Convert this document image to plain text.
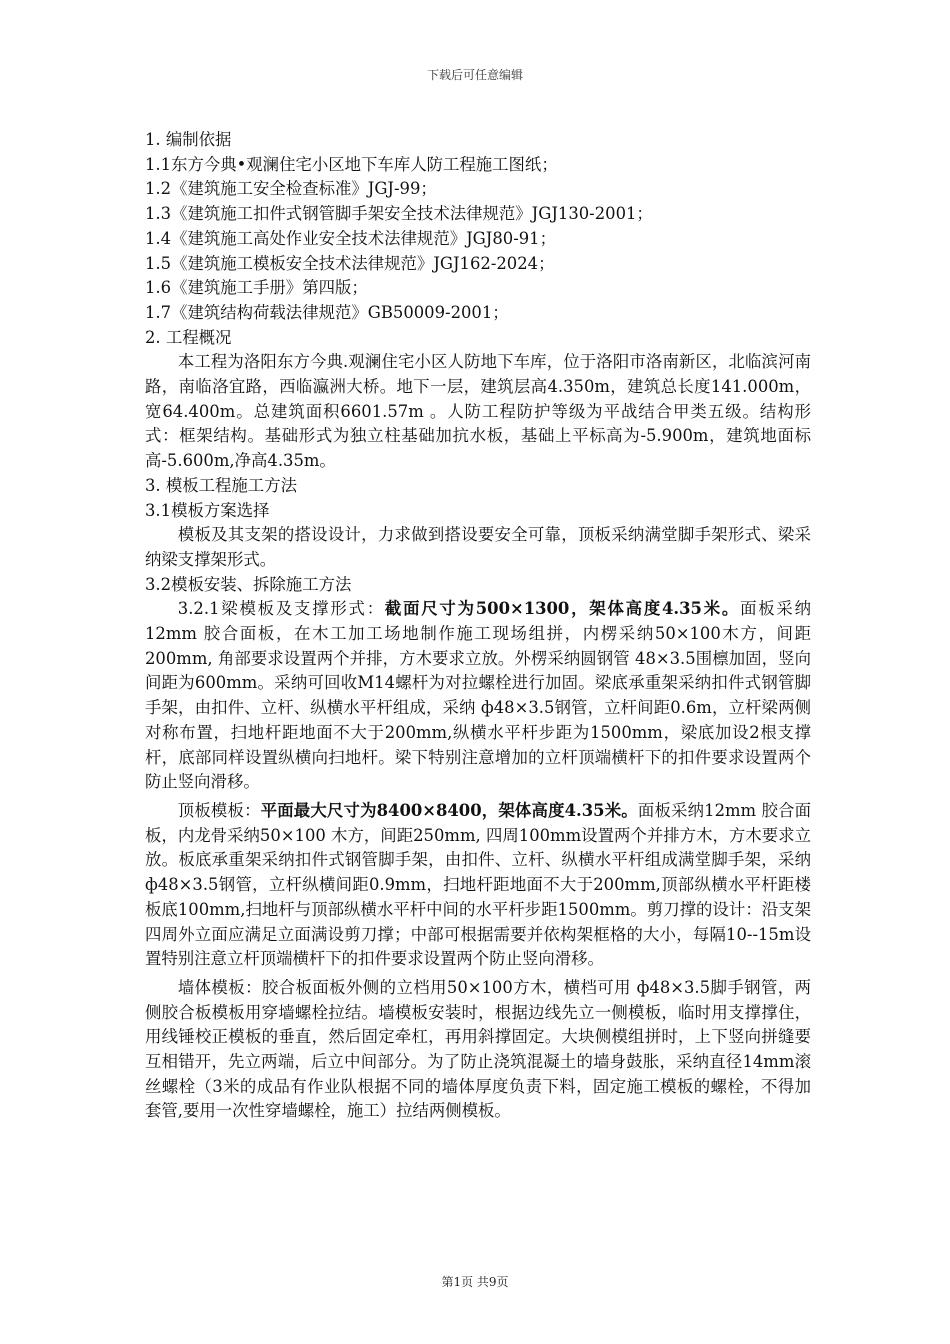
下载后可任意编辑

1. 编制依据

1.1东方今典•观澜住宅小区地下车库人防工程施工图纸；

1.2《建筑施工安全检查标准》JGJ-99；

1.3《建筑施工扣件式钢管脚手架安全技术法律规范》JGJ130-2001；

1.4《建筑施工高处作业安全技术法律规范》JGJ80-91；

1.5《建筑施工模板安全技术法律规范》JGJ162-2024；

1.6《建筑施工手册》第四版；

1.7《建筑结构荷载法律规范》GB50009-2001；

2. 工程概况

本工程为洛阳东方今典.观澜住宅小区人防地下车库，位于洛阳市洛南新区，北临滨河南路，南临洛宜路，西临瀛洲大桥。地下一层，建筑层高4.350m，建筑总长度141.000m，宽64.400m。总建筑面积6601.57m 。人防工程防护等级为平战结合甲类五级。结构形式：框架结构。基础形式为独立柱基础加抗水板，基础上平标高为-5.900m，建筑地面标高-5.600m,净高4.35m。

3. 模板工程施工方法

3.1模板方案选择

模板及其支架的搭设设计，力求做到搭设要安全可靠，顶板采纳满堂脚手架形式、梁采纳梁支撑架形式。

3.2模板安装、拆除施工方法

3.2.1梁模板及支撑形式：截面尺寸为500×1300，架体高度4.35米。面板采纳12mm 胶合面板，在木工加工场地制作施工现场组拼，内楞采纳50×100木方，间距200mm, 角部要求设置两个并排，方木要求立放。外楞采纳圆钢管 48×3.5围檩加固，竖向间距为600mm。采纳可回收M14螺杆为对拉螺栓进行加固。梁底承重架采纳扣件式钢管脚手架，由扣件、立杆、纵横水平杆组成，采纳 ф48×3.5钢管，立杆间距0.6m，立杆梁两侧对称布置，扫地杆距地面不大于200mm,纵横水平杆步距为1500mm，梁底加设2根支撑杆，底部同样设置纵横向扫地杆。梁下特别注意增加的立杆顶端横杆下的扣件要求设置两个防止竖向滑移。

顶板模板：平面最大尺寸为8400×8400，架体高度4.35米。面板采纳12mm 胶合面板，内龙骨采纳50×100 木方，间距250mm, 四周100mm设置两个并排方木，方木要求立放。板底承重架采纳扣件式钢管脚手架，由扣件、立杆、纵横水平杆组成满堂脚手架，采纳 ф48×3.5钢管，立杆纵横间距0.9mm，扫地杆距地面不大于200mm,顶部纵横水平杆距楼板底100mm,扫地杆与顶部纵横水平杆中间的水平杆步距1500mm。剪刀撑的设计：沿支架四周外立面应满足立面满设剪刀撑；中部可根据需要并依构架框格的大小，每隔10--15m设置特别注意立杆顶端横杆下的扣件要求设置两个防止竖向滑移。

墙体模板：胶合板面板外侧的立档用50×100方木，横档可用 ф48×3.5脚手钢管，两侧胶合板模板用穿墙螺栓拉结。墙模板安装时，根据边线先立一侧模板，临时用支撑撑住，用线锤校正模板的垂直，然后固定牵杠，再用斜撑固定。大块侧模组拼时，上下竖向拼缝要互相错开，先立两端，后立中间部分。为了防止浇筑混凝土的墙身鼓胀，采纳直径14mm滚丝螺栓（3米的成品有作业队根据不同的墙体厚度负责下料，固定施工模板的螺栓，不得加套管,要用一次性穿墙螺栓，施工）拉结两侧模板。

第1页 共9页
